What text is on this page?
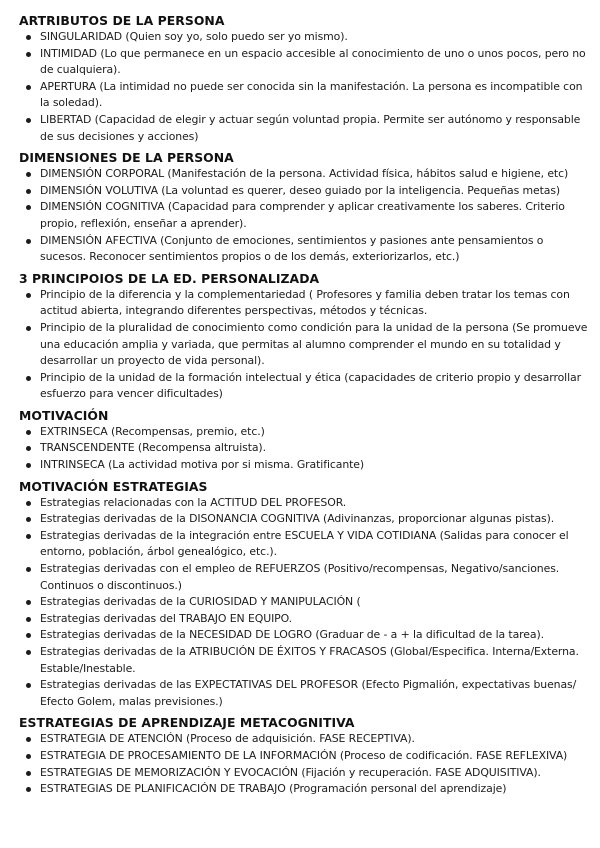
ARTRIBUTOS DE LA PERSONA
SINGULARIDAD (Quien soy yo, solo puedo ser yo mismo).
INTIMIDAD (Lo que permanece en un espacio accesible al conocimiento de uno o unos pocos, pero no de cualquiera).
APERTURA (La intimidad no puede ser conocida sin la manifestación. La persona es incompatible con la soledad).
LIBERTAD (Capacidad de elegir y actuar según voluntad propia. Permite ser autónomo y responsable de sus decisiones y acciones)
DIMENSIONES DE LA PERSONA
DIMENSIÓN CORPORAL (Manifestación de la persona. Actividad física, hábitos salud e higiene, etc)
DIMENSIÓN VOLUTIVA (La voluntad es querer, deseo guiado por la inteligencia. Pequeñas metas)
DIMENSIÓN COGNITIVA (Capacidad para comprender y aplicar creativamente los saberes. Criterio propio, reflexión, enseñar a aprender).
DIMENSIÓN AFECTIVA (Conjunto de emociones, sentimientos y pasiones ante pensamientos o sucesos. Reconocer sentimientos propios o de los demás, exteriorizarlos, etc.)
3 PRINCIPOIOS DE LA ED. PERSONALIZADA
Principio de la diferencia y la complementariedad ( Profesores y familia deben tratar los temas con actitud abierta, integrando diferentes perspectivas, métodos y técnicas.
Principio de la pluralidad de conocimiento como condición para la unidad de la persona (Se promueve una educación amplia y variada, que permitas al alumno comprender el mundo en su totalidad y desarrollar un proyecto de vida personal).
Principio de la unidad de la formación intelectual y ética (capacidades de criterio propio y desarrollar esfuerzo para vencer dificultades)
MOTIVACIÓN
EXTRINSECA (Recompensas, premio, etc.)
TRANSCENDENTE (Recompensa altruista).
INTRINSECA (La actividad motiva por si misma. Gratificante)
MOTIVACIÓN ESTRATEGIAS
Estrategias relacionadas con la ACTITUD DEL PROFESOR.
Estrategias derivadas de la DISONANCIA COGNITIVA (Adivinanzas, proporcionar algunas pistas).
Estrategias derivadas de la integración entre ESCUELA Y VIDA COTIDIANA (Salidas para conocer el entorno, población, árbol genealógico, etc.).
Estrategias derivadas con el empleo de REFUERZOS (Positivo/recompensas, Negativo/sanciones. Continuos o discontinuos.)
Estrategias derivadas de la CURIOSIDAD Y MANIPULACIÓN (
Estrategias derivadas del TRABAJO EN EQUIPO.
Estrategias derivadas de la NECESIDAD DE LOGRO (Graduar de - a + la dificultad de la tarea).
Estrategias derivadas de la ATRIBUCIÓN DE ÉXITOS Y FRACASOS (Global/Especifica. Interna/Externa. Estable/Inestable.
Estrategias derivadas de las EXPECTATIVAS DEL PROFESOR (Efecto Pigmalión, expectativas buenas/ Efecto Golem, malas previsiones.)
ESTRATEGIAS DE APRENDIZAJE METACOGNITIVA
ESTRATEGIA DE ATENCIÓN (Proceso de adquisición. FASE RECEPTIVA).
ESTRATEGIA DE PROCESAMIENTO DE LA INFORMACIÓN (Proceso de codificación. FASE REFLEXIVA)
ESTRATEGIAS DE MEMORIZACIÓN Y EVOCACIÓN (Fijación y recuperación. FASE ADQUISITIVA).
ESTRATEGIAS DE PLANIFICACIÓN DE TRABAJO (Programación personal del aprendizaje)
